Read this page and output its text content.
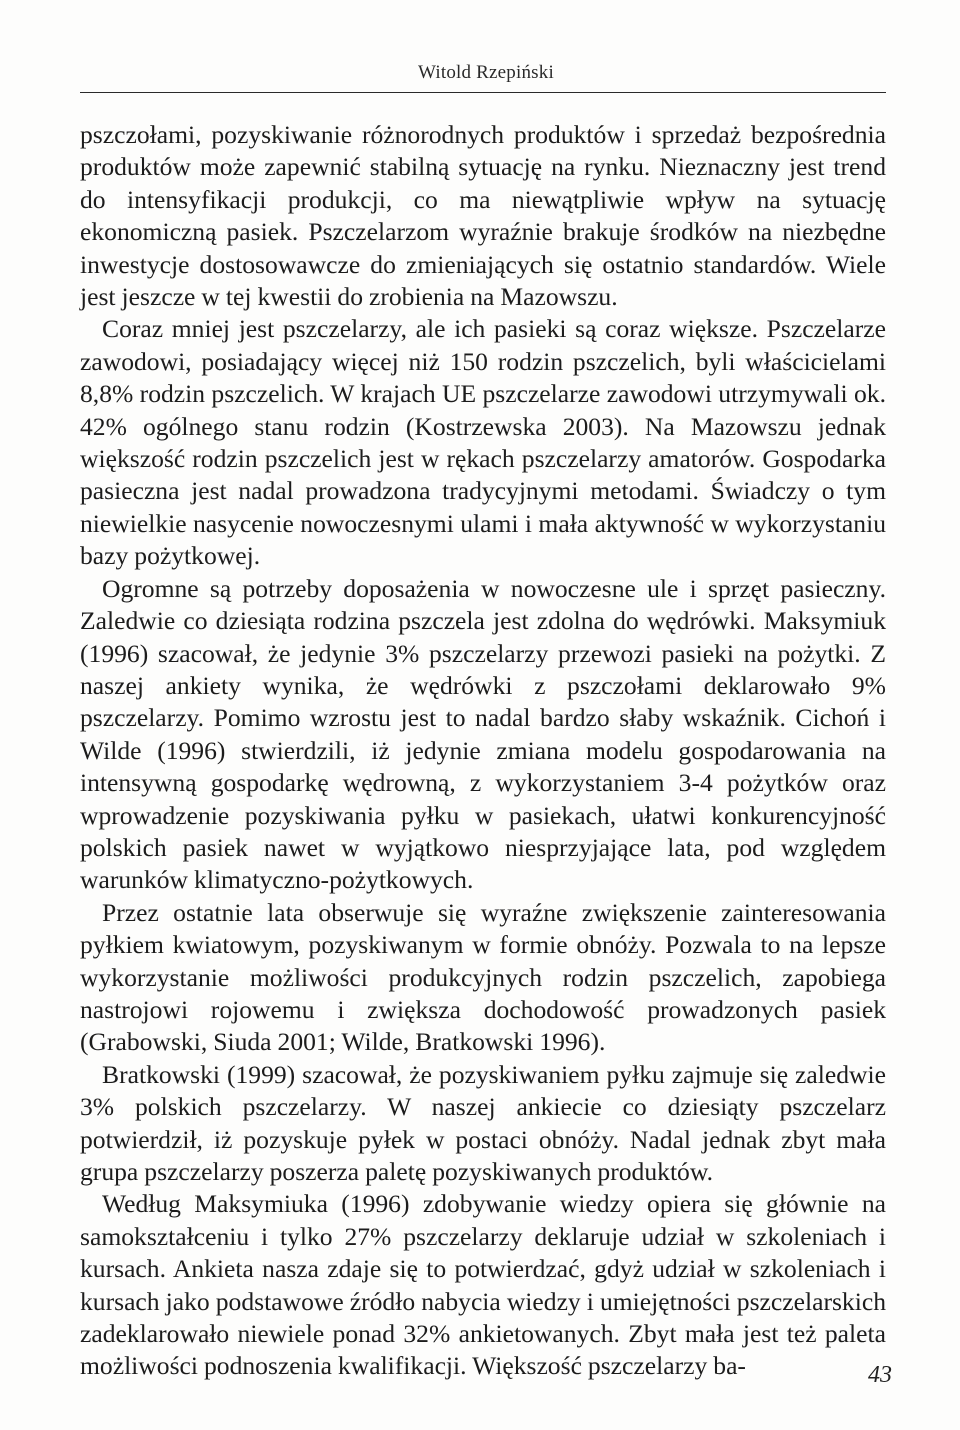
Witold Rzepiński

pszczołami, pozyskiwanie różnorodnych produktów i sprzedaż bezpośrednia produktów może zapewnić stabilną sytuację na rynku. Nieznaczny jest trend do intensyfikacji produkcji, co ma niewątpliwie wpływ na sytuację ekonomiczną pasiek. Pszczelarzom wyraźnie brakuje środków na niezbędne inwestycje dostosowawcze do zmieniających się ostatnio standardów. Wiele jest jeszcze w tej kwestii do zrobienia na Mazowszu.

Coraz mniej jest pszczelarzy, ale ich pasieki są coraz większe. Pszczelarze zawodowi, posiadający więcej niż 150 rodzin pszczelich, byli właścicielami 8,8% rodzin pszczelich. W krajach UE pszczelarze zawodowi utrzymywali ok. 42% ogólnego stanu rodzin (Kostrzewska 2003). Na Mazowszu jednak większość rodzin pszczelich jest w rękach pszczelarzy amatorów. Gospodarka pasieczna jest nadal prowadzona tradycyjnymi metodami. Świadczy o tym niewielkie nasycenie nowoczesnymi ulami i mała aktywność w wykorzystaniu bazy pożytkowej.

Ogromne są potrzeby doposażenia w nowoczesne ule i sprzęt pasieczny. Zaledwie co dziesiąta rodzina pszczela jest zdolna do wędrówki. Maksymiuk (1996) szacował, że jedynie 3% pszczelarzy przewozi pasieki na pożytki. Z naszej ankiety wynika, że wędrówki z pszczołami deklarowało 9% pszczelarzy. Pomimo wzrostu jest to nadal bardzo słaby wskaźnik. Cichoń i Wilde (1996) stwierdzili, iż jedynie zmiana modelu gospodarowania na intensywną gospodarkę wędrowną, z wykorzystaniem 3-4 pożytków oraz wprowadzenie pozyskiwania pyłku w pasiekach, ułatwi konkurencyjność polskich pasiek nawet w wyjątkowo niesprzyjające lata, pod względem warunków klimatyczno-pożytkowych.

Przez ostatnie lata obserwuje się wyraźne zwiększenie zainteresowania pyłkiem kwiatowym, pozyskiwanym w formie obnóży. Pozwala to na lepsze wykorzystanie możliwości produkcyjnych rodzin pszczelich, zapobiega nastrojowi rojowemu i zwiększa dochodowość prowadzonych pasiek (Grabowski, Siuda 2001; Wilde, Bratkowski 1996).

Bratkowski (1999) szacował, że pozyskiwaniem pyłku zajmuje się zaledwie 3% polskich pszczelarzy. W naszej ankiecie co dziesiąty pszczelarz potwierdził, iż pozyskuje pyłek w postaci obnóży. Nadal jednak zbyt mała grupa pszczelarzy poszerza paletę pozyskiwanych produktów.

Według Maksymiuka (1996) zdobywanie wiedzy opiera się głównie na samokształceniu i tylko 27% pszczelarzy deklaruje udział w szkoleniach i kursach. Ankieta nasza zdaje się to potwierdzać, gdyż udział w szkoleniach i kursach jako podstawowe źródło nabycia wiedzy i umiejętności pszczelarskich zadeklarowało niewiele ponad 32% ankietowanych. Zbyt mała jest też paleta możliwości podnoszenia kwalifikacji. Większość pszczelarzy ba-	43
